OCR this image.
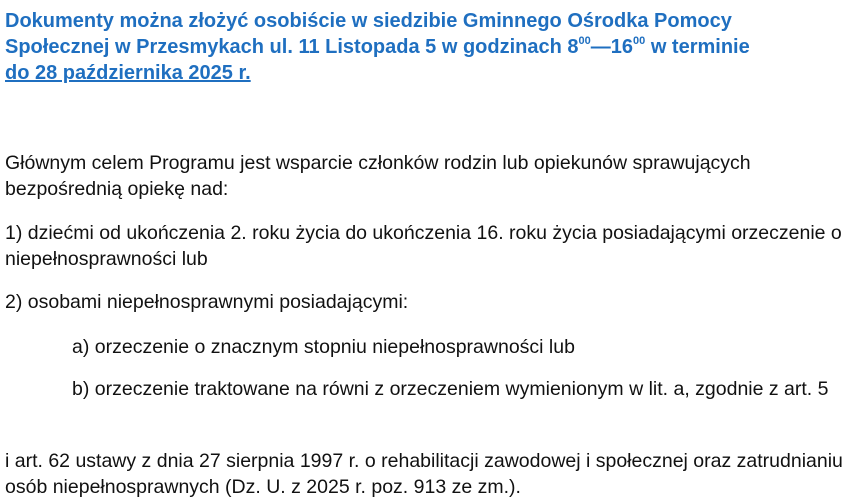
Dokumenty można złożyć osobiście w siedzibie Gminnego Ośrodka Pomocy
Społecznej w Przesmykach ul. 11 Listopada 5 w godzinach $8^{00}—16^{00}$ w terminie
do 28 października 2025 r.

Głównym celem Programu jest wsparcie członków rodzin lub opiekunów sprawujących bezpośrednią opiekę nad:

1) dziećmi od ukończenia 2. roku życia do ukończenia 16. roku życia posiadającymi orzeczenie o niepełnosprawności lub

2) osobami niepełnosprawnymi posiadającymi:

a) orzeczenie o znacznym stopniu niepełnosprawności lub

b) orzeczenie traktowane na równi z orzeczeniem wymienionym w lit. a, zgodnie z art. 5

i art. 62 ustawy z dnia 27 sierpnia 1997 r. o rehabilitacji zawodowej i społecznej oraz zatrudnianiu osób niepełnosprawnych (Dz. U. z 2025 r. poz. 913 ze zm.).
